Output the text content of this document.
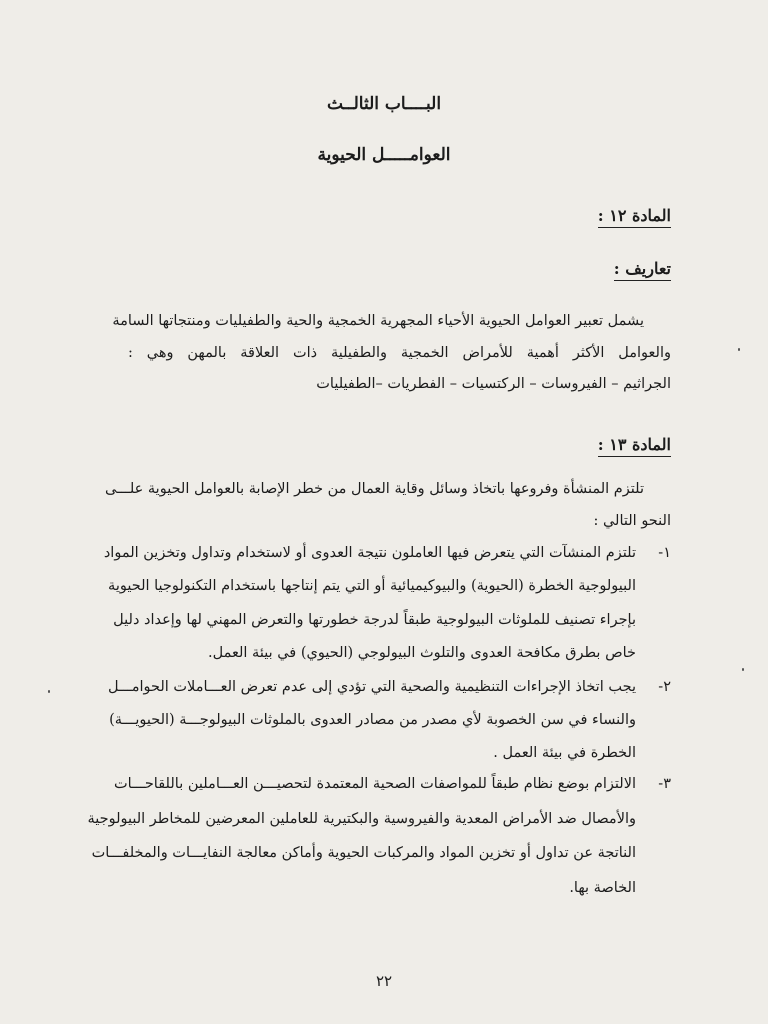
البــــاب الثالــث
العوامـــــل الحيوية
المادة ١٢ :
تعاريف :
يشمل تعبير العوامل الحيوية الأحياء المجهرية الخمجية والحية والطفيليات ومنتجاتها السامة
والعوامل الأكثر أهمية للأمراض الخمجية والطفيلية ذات العلاقة بالمهن وهي :
الجراثيم – الفيروسات – الركتسيات – الفطريات –الطفيليات
المادة ١٣ :
تلتزم المنشأة وفروعها باتخاذ وسائل وقاية العمال من خطر الإصابة بالعوامل الحيوية علـــى
النحو التالي :
١-
تلتزم المنشآت التي يتعرض فيها العاملون نتيجة العدوى أو لاستخدام وتداول وتخزين المواد
البيولوجية الخطرة (الحيوية) والبيوكيميائية أو التي يتم إنتاجها باستخدام التكنولوجيا الحيوية
بإجراء تصنيف للملوثات البيولوجية طبقاً لدرجة خطورتها والتعرض المهني لها وإعداد دليل
خاص بطرق مكافحة العدوى والتلوث البيولوجي (الحيوي) في بيئة العمل.
٢-
يجب اتخاذ الإجراءات التنظيمية والصحية التي تؤدي إلى عدم تعرض العـــاملات الحوامـــل
والنساء في سن الخصوبة لأي مصدر من مصادر العدوى بالملوثات البيولوجـــة (الحيويـــة)
الخطرة في بيئة العمل .
٣-
الالتزام بوضع نظام طبقاً للمواصفات الصحية المعتمدة لتحصيـــن العـــاملين باللقاحـــات
والأمصال ضد الأمراض المعدية والفيروسية والبكتيرية للعاملين المعرضين للمخاطر البيولوجية
الناتجة عن تداول أو تخزين المواد والمركبات الحيوية وأماكن معالجة النفايـــات والمخلفـــات
الخاصة بها.
٢٢
